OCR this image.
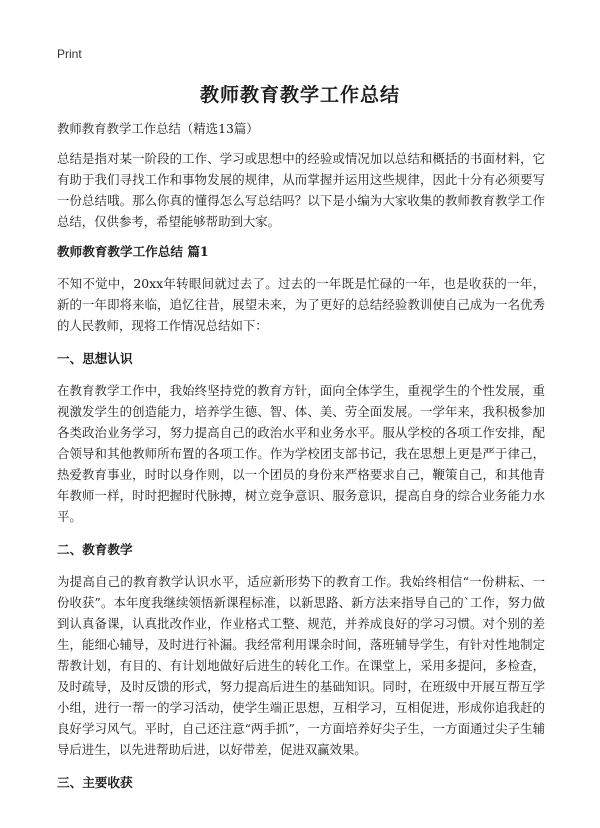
Print
教师教育教学工作总结

教师教育教学工作总结（精选13篇）

总结是指对某一阶段的工作、学习或思想中的经验或情况加以总结和概括的书面材料，它有助于我们寻找工作和事物发展的规律，从而掌握并运用这些规律，因此十分有必须要写一份总结哦。那么你真的懂得怎么写总结吗？以下是小编为大家收集的教师教育教学工作总结，仅供参考，希望能够帮助到大家。

教师教育教学工作总结 篇1

不知不觉中，20xx年转眼间就过去了。过去的一年既是忙碌的一年，也是收获的一年，新的一年即将来临，追忆往昔，展望未来，为了更好的总结经验教训使自己成为一名优秀的人民教师，现将工作情况总结如下：

一、思想认识

在教育教学工作中，我始终坚持党的教育方针，面向全体学生，重视学生的个性发展，重视激发学生的创造能力，培养学生德、智、体、美、劳全面发展。一学年来，我积极参加各类政治业务学习，努力提高自己的政治水平和业务水平。服从学校的各项工作安排，配合领导和其他教师所布置的各项工作。作为学校团支部书记，我在思想上更是严于律己，热爱教育事业，时时以身作则，以一个团员的身份来严格要求自己，鞭策自己，和其他青年教师一样，时时把握时代脉搏，树立竞争意识、服务意识，提高自身的综合业务能力水平。

二、教育教学

为提高自己的教育教学认识水平，适应新形势下的教育工作。我始终相信“一份耕耘、一份收获”。本年度我继续领悟新课程标准，以新思路、新方法来指导自己的`工作，努力做到认真备课，认真批改作业，作业格式工整、规范，并养成良好的学习习惯。对个别的差生，能细心辅导，及时进行补漏。我经常利用课余时间，落班辅导学生，有针对性地制定帮教计划，有目的、有计划地做好后进生的转化工作。在课堂上，采用多提问，多检查，及时疏导，及时反馈的形式，努力提高后进生的基础知识。同时，在班级中开展互帮互学小组，进行一帮一的学习活动，使学生端正思想，互相学习，互相促进，形成你追我赶的良好学习风气。平时，自己还注意“两手抓”，一方面培养好尖子生，一方面通过尖子生辅导后进生，以先进帮助后进，以好带差，促进双赢效果。

三、主要收获
